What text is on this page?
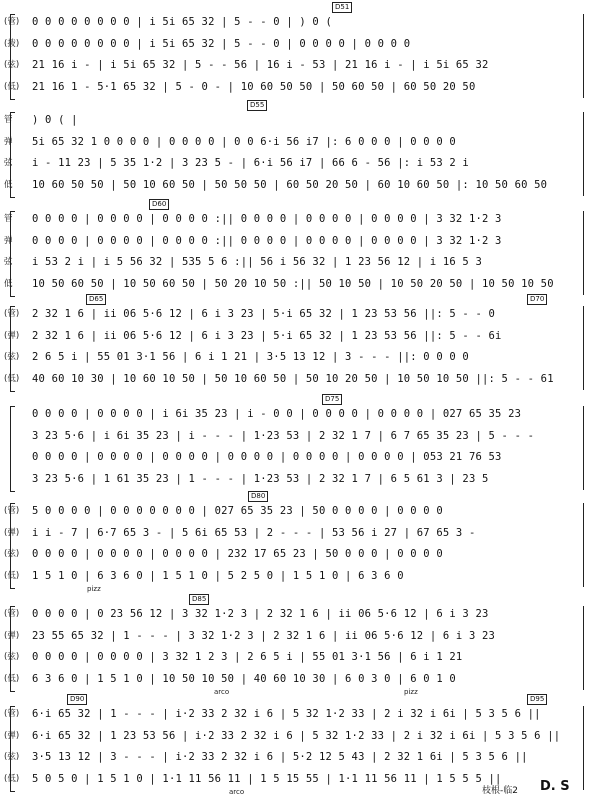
D51
(管)	0 0 0 0 0 0 0 0 | i 5i 65 32 | 5 - - 0 | ) 0 (
(拨)	0 0 0 0 0 0 0 0 | i 5i 65 32 | 5 - - 0 | 0 0 0 0 | 0 0 0 0
(弦)	21 16 i - | i 5i 65 32 | 5 - - 56 | 16 i - 53 | 21 16 i - | i 5i 65 32
(低)	21 16 1 - 5·1 65 32 | 5 - 0 - | 10 60 50 50 | 50 60 50 | 60 50 20 50
D55
管	) 0 ( |
弹	5i 65 32 1 0 0 0 0 | 0 0 0 0 | 0 0 6·i 56 i7 |: 6 0 0 0 | 0 0 0 0
弦	i - 11 23 | 5 35 1·2 | 3 23 5 - | 6·i 56 i7 | 66 6 - 56 |: i 53 2 i
低	10 60 50 50 | 50 10 60 50 | 50 50 50 | 60 50 20 50 | 60 10 60 50 |: 10 50 60 50
D60
管	0 0 0 0 | 0 0 0 0 | 0 0 0 0 :|| 0 0 0 0 | 0 0 0 0 | 0 0 0 0 | 3 32 1·2 3
弹	0 0 0 0 | 0 0 0 0 | 0 0 0 0 :|| 0 0 0 0 | 0 0 0 0 | 0 0 0 0 | 3 32 1·2 3
弦	i 53 2 i | i 5 56 32 | 535 5 6 :|| 56 i 56 32 | 1 23 56 12 | i 16 5 3
低	10 50 60 50 | 10 50 60 50 | 50 20 10 50 :|| 50 10 50 | 10 50 20 50 | 10 50 10 50
D65	D70
(管)	2 32 1 6 | ii 06 5·6 12 | 6 i 3 23 | 5·i 65 32 | 1 23 53 56 ||: 5 - - 0
(弹)	2 32 1 6 | ii 06 5·6 12 | 6 i 3 23 | 5·i 65 32 | 1 23 53 56 ||: 5 - - 6i
(弦)	2 6 5 i | 55 01 3·1 56 | 6 i 1 21 | 3·5 13 12 | 3 - - - ||: 0 0 0 0
(低)	40 60 10 30 | 10 60 10 50 | 50 10 60 50 | 50 10 20 50 | 10 50 10 50 ||: 5 - - 61
D75
0 0 0 0 | 0 0 0 0 | i 6i 35 23 | i - 0 0 | 0 0 0 0 | 0 0 0 0 | 027 65 35 23
3 23 5·6 | i 6i 35 23 | i - - - | 1·23 53 | 2 32 1 7 | 6 7 65 35 23 | 5 - - -
0 0 0 0 | 0 0 0 0 | 0 0 0 0 | 0 0 0 0 | 0 0 0 0 | 0 0 0 0 | 053 21 76 53
3 23 5·6 | 1 61 35 23 | 1 - - - | 1·23 53 | 2 32 1 7 | 6 5 61 3 | 23 5
D80
(管)	5 0 0 0 0 | 0 0 0 0 0 0 0 | 027 65 35 23 | 50 0 0 0 0 | 0 0 0 0
(弹)	i i - 7 | 6·7 65 3 - | 5 6i 65 53 | 2 - - - | 53 56 i 27 | 67 65 3 -
(弦)	0 0 0 0 | 0 0 0 0 | 0 0 0 0 | 232 17 65 23 | 50 0 0 0 | 0 0 0 0
(低)	1 5 1 0 | 6 3 6 0 | 1 5 1 0 | 5 2 5 0 | 1 5 1 0 | 6 3 6 0
pizz
D85
(管)	0 0 0 0 | 0 23 56 12 | 3 32 1·2 3 | 2 32 1 6 | ii 06 5·6 12 | 6 i 3 23
(弹)	23 55 65 32 | 1 - - - | 3 32 1·2 3 | 2 32 1 6 | ii 06 5·6 12 | 6 i 3 23
(弦)	0 0 0 0 | 0 0 0 0 | 3 32 1 2 3 | 2 6 5 i | 55 01 3·1 56 | 6 i 1 21
(低)	6 3 6 0 | 1 5 1 0 | 10 50 10 50 | 40 60 10 30 | 6 0 3 0 | 6 0 1 0
arco	pizz
D90	D95
(管)	6·i 65 32 | 1 - - - | i·2 33 2 32 i 6 | 5 32 1·2 33 | 2 i 32 i 6i | 5 3 5 6 ||
(弹)	6·i 65 32 | 1 23 53 56 | i·2 33 2 32 i 6 | 5 32 1·2 33 | 2 i 32 i 6i | 5 3 5 6 ||
(弦)	3·5 13 12 | 3 - - - | i·2 33 2 32 i 6 | 5·2 12 5 43 | 2 32 1 6i | 5 3 5 6 ||
(低)	5 0 5 0 | 1 5 1 0 | 1·1 11 56 11 | 1 5 15 55 | 1·1 11 56 11 | 1 5 5 5 ||
arco	枝根-临2 D. S
